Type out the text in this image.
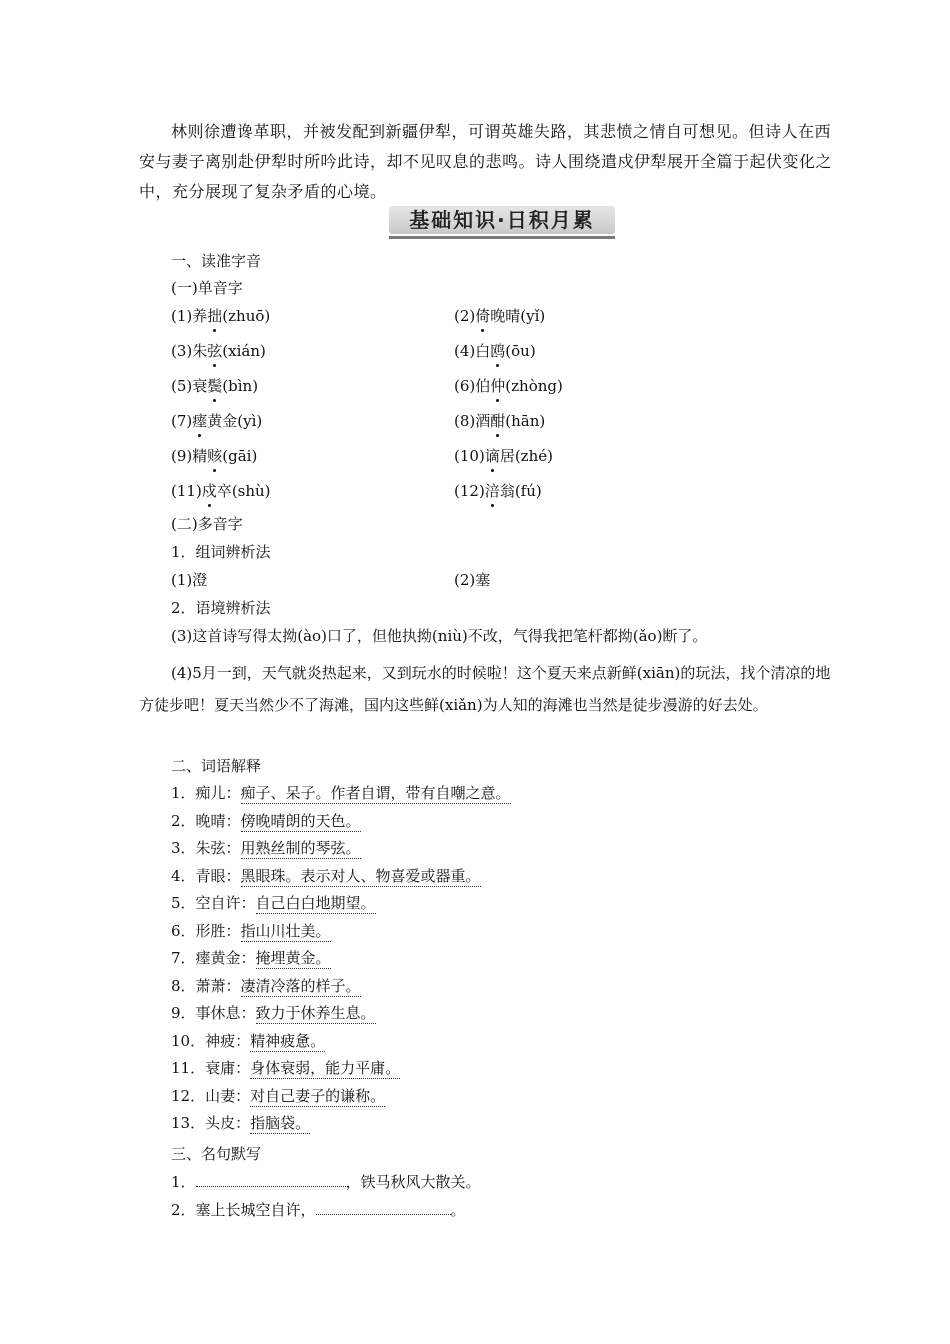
林则徐遭谗革职，并被发配到新疆伊犁，可谓英雄失路，其悲愤之情自可想见。但诗人在西安与妻子离别赴伊犁时所吟此诗，却不见叹息的悲鸣。诗人围绕遣戍伊犁展开全篇于起伏变化之中，充分展现了复杂矛盾的心境。
基础知识·日积月累
一、读准字音
(一)单音字
(1)养拙(zhuō)	(2)倚晚晴(yǐ)
(3)朱弦(xián)	(4)白鸥(ōu)
(5)衰鬓(bìn)	(6)伯仲(zhòng)
(7)瘗黄金(yì)	(8)酒酣(hān)
(9)精赅(gāi)	(10)谪居(zhé)
(11)戍卒(shù)	(12)涪翁(fú)
(二)多音字
1．组词辨析法
(1)澄	(2)塞
2．语境辨析法
(3)这首诗写得太拗(ào)口了，但他执拗(niù)不改，气得我把笔杆都拗(ǎo)断了。
(4)5月一到，天气就炎热起来，又到玩水的时候啦！这个夏天来点新鲜(xiān)的玩法，找个清凉的地方徒步吧！夏天当然少不了海滩，国内这些鲜(xiǎn)为人知的海滩也当然是徒步漫游的好去处。
二、词语解释
1．痴儿：痴子、呆子。作者自谓，带有自嘲之意。
2．晚晴：傍晚晴朗的天色。
3．朱弦：用熟丝制的琴弦。
4．青眼：黑眼珠。表示对人、物喜爱或器重。
5．空自许：自己白白地期望。
6．形胜：指山川壮美。
7．瘗黄金：掩埋黄金。
8．萧萧：凄清冷落的样子。
9．事休息：致力于休养生息。
10．神疲：精神疲惫。
11．衰庸：身体衰弱，能力平庸。
12．山妻：对自己妻子的谦称。
13．头皮：指脑袋。
三、名句默写
1．	，铁马秋风大散关。
2．塞上长城空自许，	。
